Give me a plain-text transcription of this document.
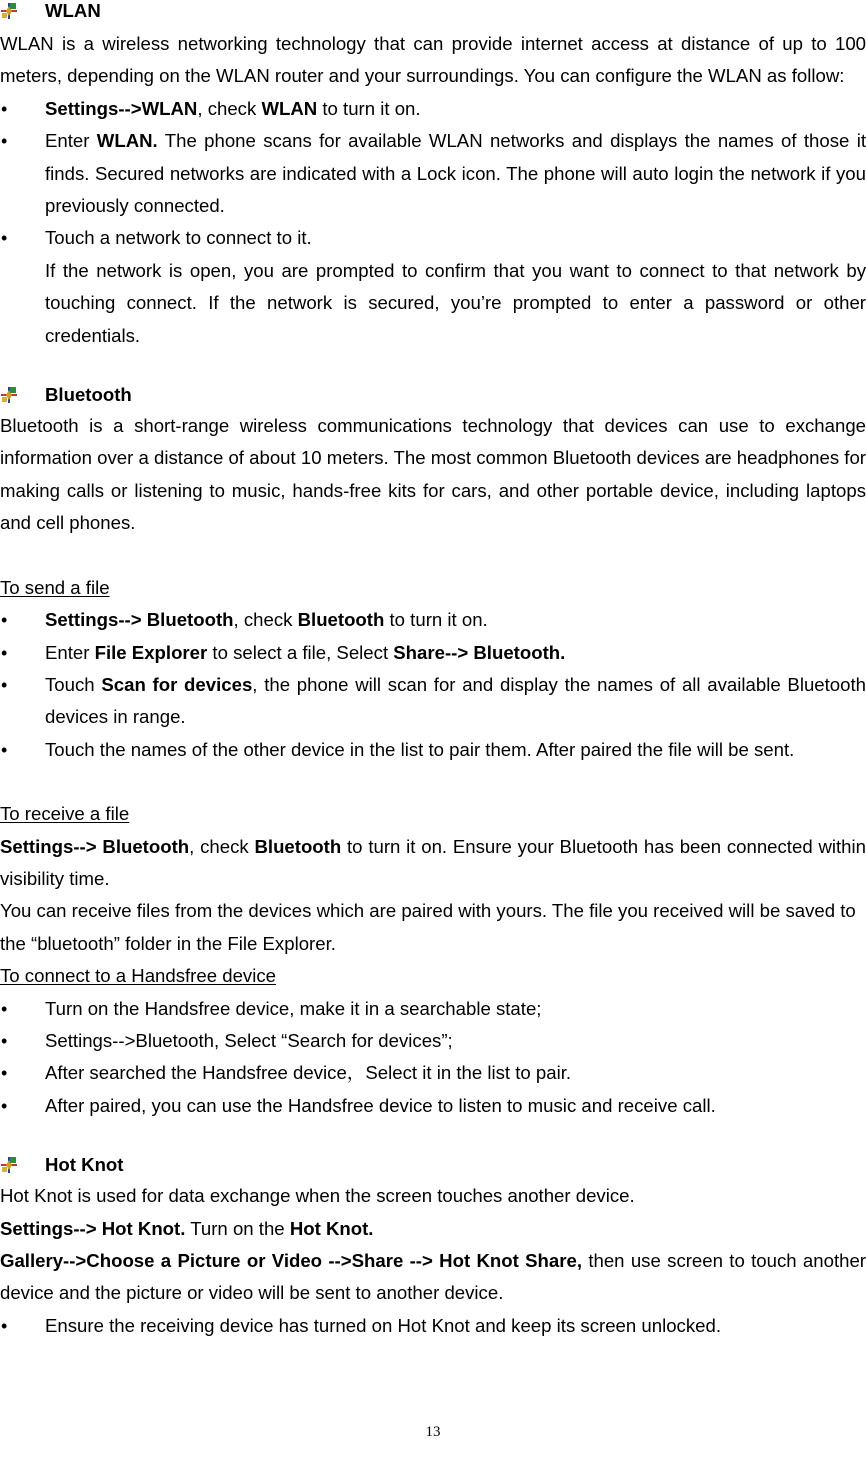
WLAN

WLAN is a wireless networking technology that can provide internet access at distance of up to 100 meters, depending on the WLAN router and your surroundings. You can configure the WLAN as follow:

• Settings-->WLAN, check WLAN to turn it on.
• Enter WLAN. The phone scans for available WLAN networks and displays the names of those it finds. Secured networks are indicated with a Lock icon. The phone will auto login the network if you previously connected.
• Touch a network to connect to it.
If the network is open, you are prompted to confirm that you want to connect to that network by touching connect. If the network is secured, you’re prompted to enter a password or other credentials.
Bluetooth

Bluetooth is a short-range wireless communications technology that devices can use to exchange information over a distance of about 10 meters. The most common Bluetooth devices are headphones for making calls or listening to music, hands-free kits for cars, and other portable device, including laptops and cell phones.

To send a file

• Settings--> Bluetooth, check Bluetooth to turn it on.
• Enter File Explorer to select a file, Select Share--> Bluetooth.
• Touch Scan for devices, the phone will scan for and display the names of all available Bluetooth devices in range.
• Touch the names of the other device in the list to pair them. After paired the file will be sent.

To receive a file

Settings--> Bluetooth, check Bluetooth to turn it on. Ensure your Bluetooth has been connected within visibility time.

You can receive files from the devices which are paired with yours. The file you received will be saved to the “bluetooth” folder in the File Explorer.

To connect to a Handsfree device

• Turn on the Handsfree device, make it in a searchable state;
• Settings-->Bluetooth, Select “Search for devices”;
• After searched the Handsfree device，Select it in the list to pair.
• After paired, you can use the Handsfree device to listen to music and receive call.
Hot Knot

Hot Knot is used for data exchange when the screen touches another device.

Settings--> Hot Knot. Turn on the Hot Knot.

Gallery-->Choose a Picture or Video -->Share --> Hot Knot Share, then use screen to touch another device and the picture or video will be sent to another device.

• Ensure the receiving device has turned on Hot Knot and keep its screen unlocked.
13
